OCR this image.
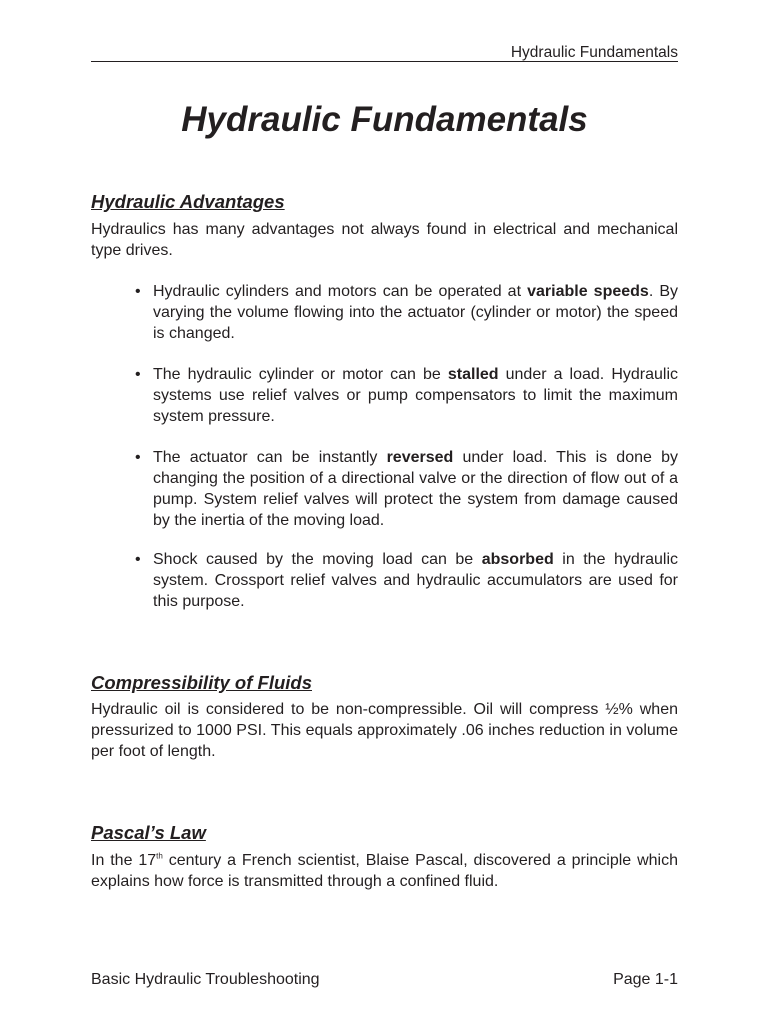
Hydraulic Fundamentals
Hydraulic Fundamentals
Hydraulic Advantages

Hydraulics has many advantages not always found in electrical and mechanical type drives.

• Hydraulic cylinders and motors can be operated at variable speeds. By varying the volume flowing into the actuator (cylinder or motor) the speed is changed.
• The hydraulic cylinder or motor can be stalled under a load. Hydraulic systems use relief valves or pump compensators to limit the maximum system pressure.
• The actuator can be instantly reversed under load. This is done by changing the position of a directional valve or the direction of flow out of a pump. System relief valves will protect the system from damage caused by the inertia of the moving load.
• Shock caused by the moving load can be absorbed in the hydraulic system. Crossport relief valves and hydraulic accumulators are used for this purpose.
Compressibility of Fluids

Hydraulic oil is considered to be non-compressible. Oil will compress ½% when pressurized to 1000 PSI. This equals approximately .06 inches reduction in volume per foot of length.

Pascal’s Law

In the 17th century a French scientist, Blaise Pascal, discovered a principle which explains how force is transmitted through a confined fluid.

Basic Hydraulic Troubleshooting	Page 1-1
